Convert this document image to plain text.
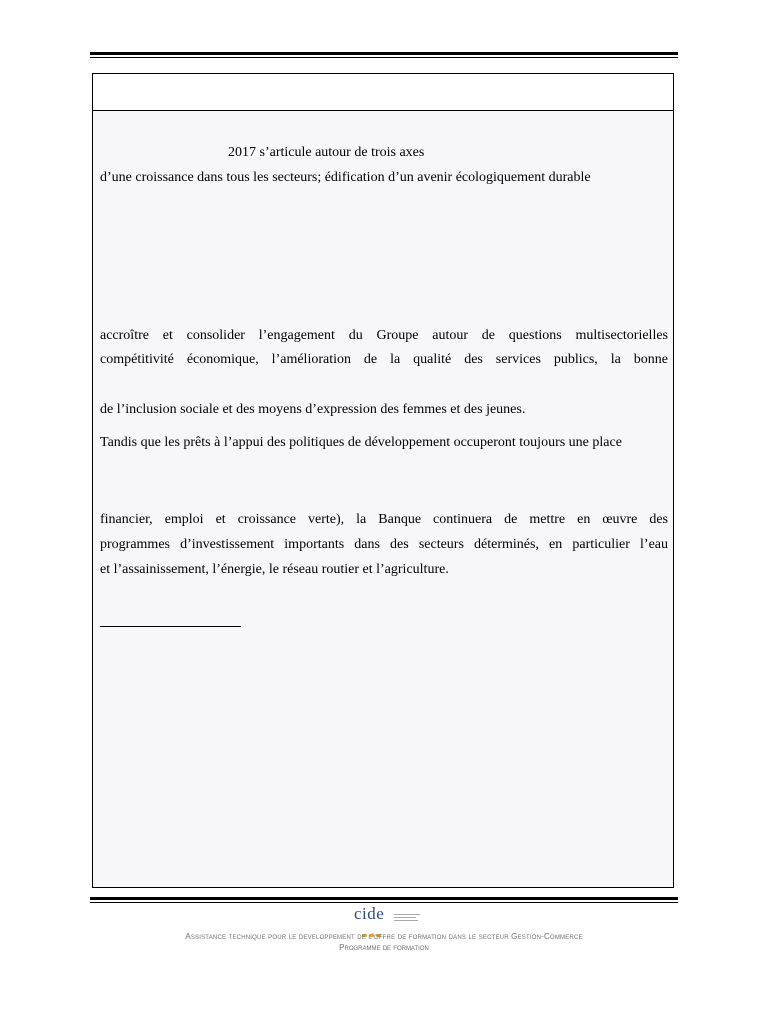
2017 s’articule autour de trois axes
d’une croissance dans tous les secteurs; édification d’un avenir écologiquement durable
accroître et consolider l’engagement du Groupe autour de questions multisectorielles
compétitivité économique, l’amélioration de la qualité des services publics, la bonne
de l’inclusion sociale et des moyens d’expression des femmes et des jeunes.
Tandis que les prêts à l’appui des politiques de développement occuperont toujours une place
financier, emploi et croissance verte), la Banque continuera de mettre en œuvre des
programmes d’investissement importants dans des secteurs déterminés, en particulier l’eau
et l’assainissement, l’énergie, le réseau routier et l’agriculture.
cide
Assistance technique pour le developpement de l’offre de formation dans le secteur Gestion-Commerce
Programme de formation
